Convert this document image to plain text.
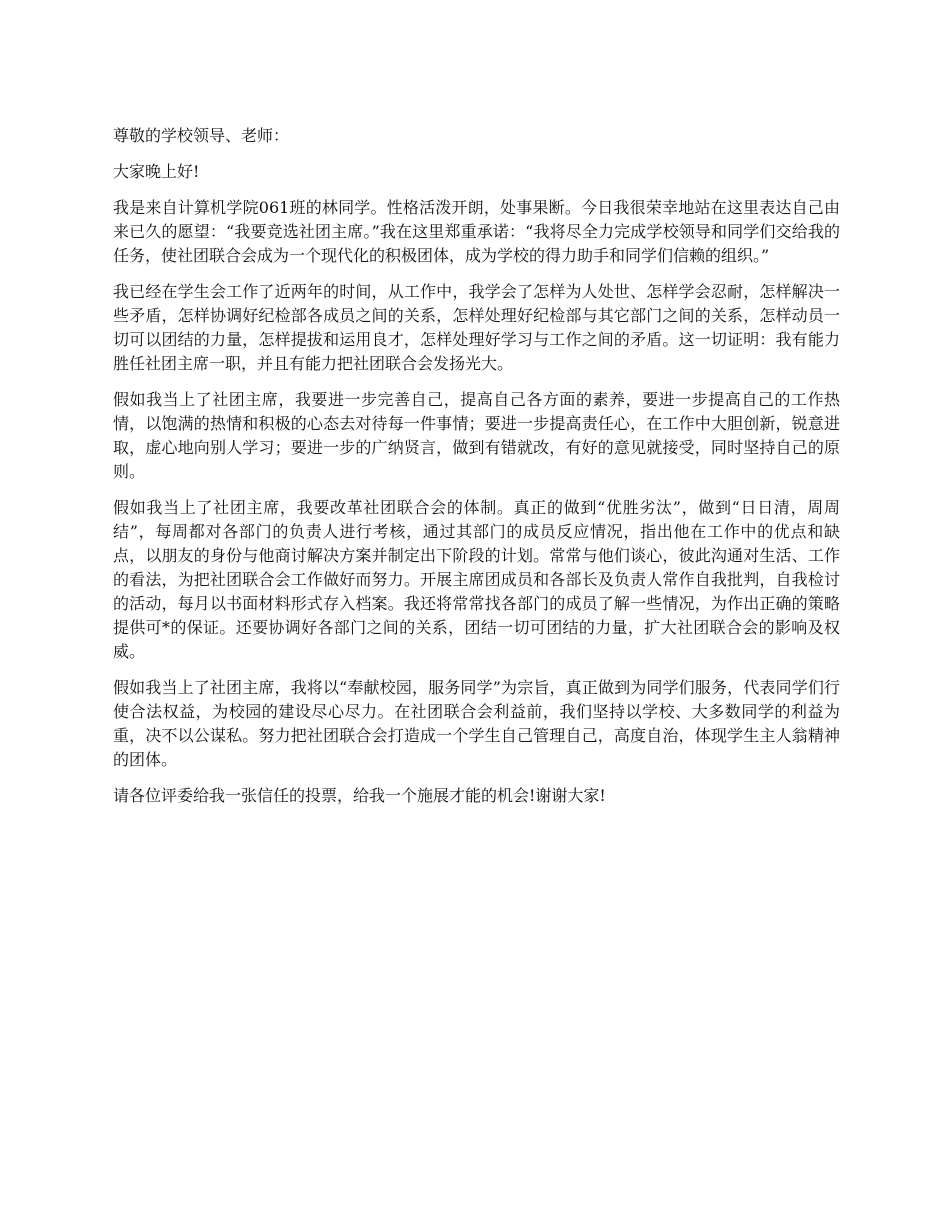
尊敬的学校领导、老师：

大家晚上好!

我是来自计算机学院061班的林同学。性格活泼开朗，处事果断。今日我很荣幸地站在这里表达自己由来已久的愿望：“我要竞选社团主席。”我在这里郑重承诺：“我将尽全力完成学校领导和同学们交给我的任务，使社团联合会成为一个现代化的积极团体，成为学校的得力助手和同学们信赖的组织。”

我已经在学生会工作了近两年的时间，从工作中，我学会了怎样为人处世、怎样学会忍耐，怎样解决一些矛盾，怎样协调好纪检部各成员之间的关系，怎样处理好纪检部与其它部门之间的关系，怎样动员一切可以团结的力量，怎样提拔和运用良才，怎样处理好学习与工作之间的矛盾。这一切证明：我有能力胜任社团主席一职，并且有能力把社团联合会发扬光大。

假如我当上了社团主席，我要进一步完善自己，提高自己各方面的素养，要进一步提高自己的工作热情，以饱满的热情和积极的心态去对待每一件事情；要进一步提高责任心，在工作中大胆创新，锐意进取，虚心地向别人学习；要进一步的广纳贤言，做到有错就改，有好的意见就接受，同时坚持自己的原则。

假如我当上了社团主席，我要改革社团联合会的体制。真正的做到“优胜劣汰”，做到“日日清，周周结”，每周都对各部门的负责人进行考核，通过其部门的成员反应情况，指出他在工作中的优点和缺点，以朋友的身份与他商讨解决方案并制定出下阶段的计划。常常与他们谈心，彼此沟通对生活、工作的看法，为把社团联合会工作做好而努力。开展主席团成员和各部长及负责人常作自我批判，自我检讨的活动，每月以书面材料形式存入档案。我还将常常找各部门的成员了解一些情况，为作出正确的策略提供可*的保证。还要协调好各部门之间的关系，团结一切可团结的力量，扩大社团联合会的影响及权威。

假如我当上了社团主席，我将以“奉献校园，服务同学”为宗旨，真正做到为同学们服务，代表同学们行使合法权益，为校园的建设尽心尽力。在社团联合会利益前，我们坚持以学校、大多数同学的利益为重，决不以公谋私。努力把社团联合会打造成一个学生自己管理自己，高度自治，体现学生主人翁精神的团体。

请各位评委给我一张信任的投票，给我一个施展才能的机会!谢谢大家!
